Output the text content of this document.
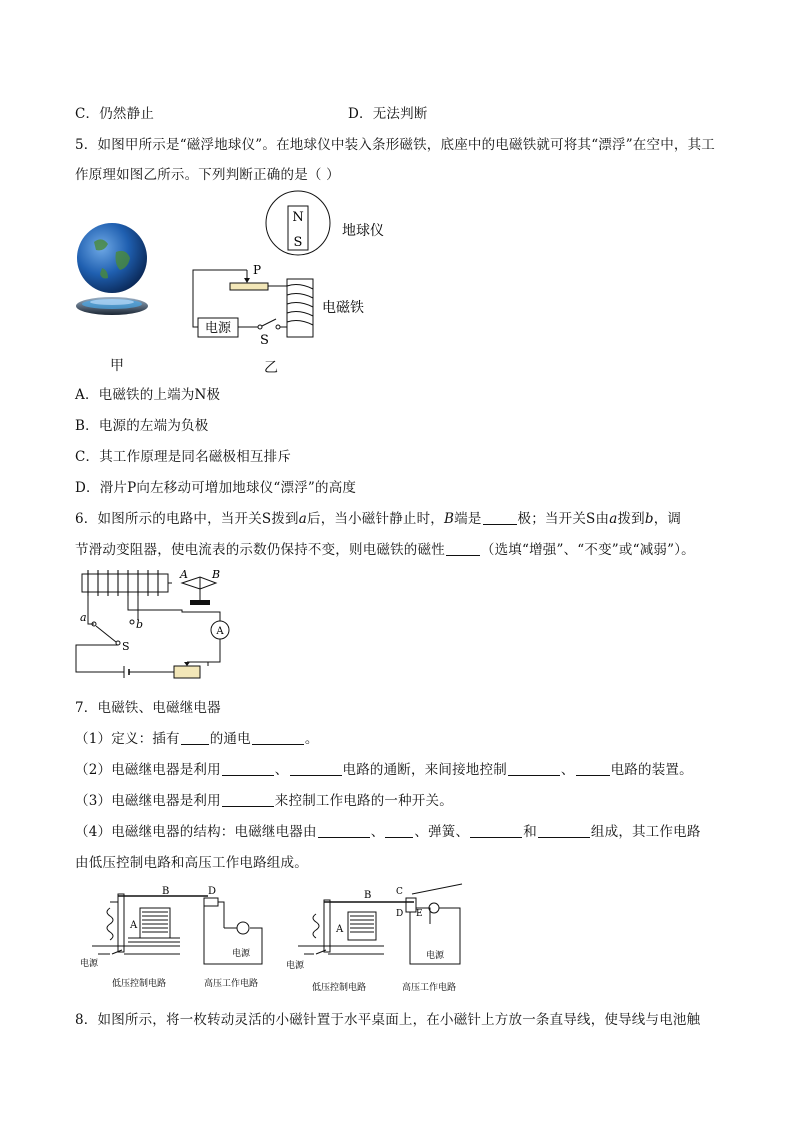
C．仍然静止	D．无法判断
5．如图甲所示是“磁浮地球仪”。在地球仪中装入条形磁铁，底座中的电磁铁就可将其“漂浮”在空中，其工
作原理如图乙所示。下列判断正确的是（ ）
甲
N
S
地球仪
P
电磁铁
电源
S
乙
A．电磁铁的上端为N极
B．电源的左端为负极
C．其工作原理是同名磁极相互排斥
D．滑片P向左移动可增加地球仪“漂浮”的高度
6．如图所示的电路中，当开关S拨到a后，当小磁针静止时，B端是	极；当开关S由a拨到b，调
节滑动变阻器，使电流表的示数仍保持不变，则电磁铁的磁性	（选填“增强”、“不变”或“减弱”）。
A B
a
b
S
A
7．电磁铁、电磁继电器
（1）定义：插有 的通电	。
（2）电磁继电器是利用	、	电路的通断，来间接地控制	、	电路的装置。
（3）电磁继电器是利用	来控制工作电路的一种开关。
（4）电磁继电器的结构：电磁继电器由	、 、弹簧、	和	组成，其工作电路
由低压控制电路和高压工作电路组成。
B
A
电源
低压控制电路
D
电源
高压工作电路
B
A
电源
低压控制电路
D E
C
电源
高压工作电路
8．如图所示，将一枚转动灵活的小磁针置于水平桌面上，在小磁针上方放一条直导线，使导线与电池触
